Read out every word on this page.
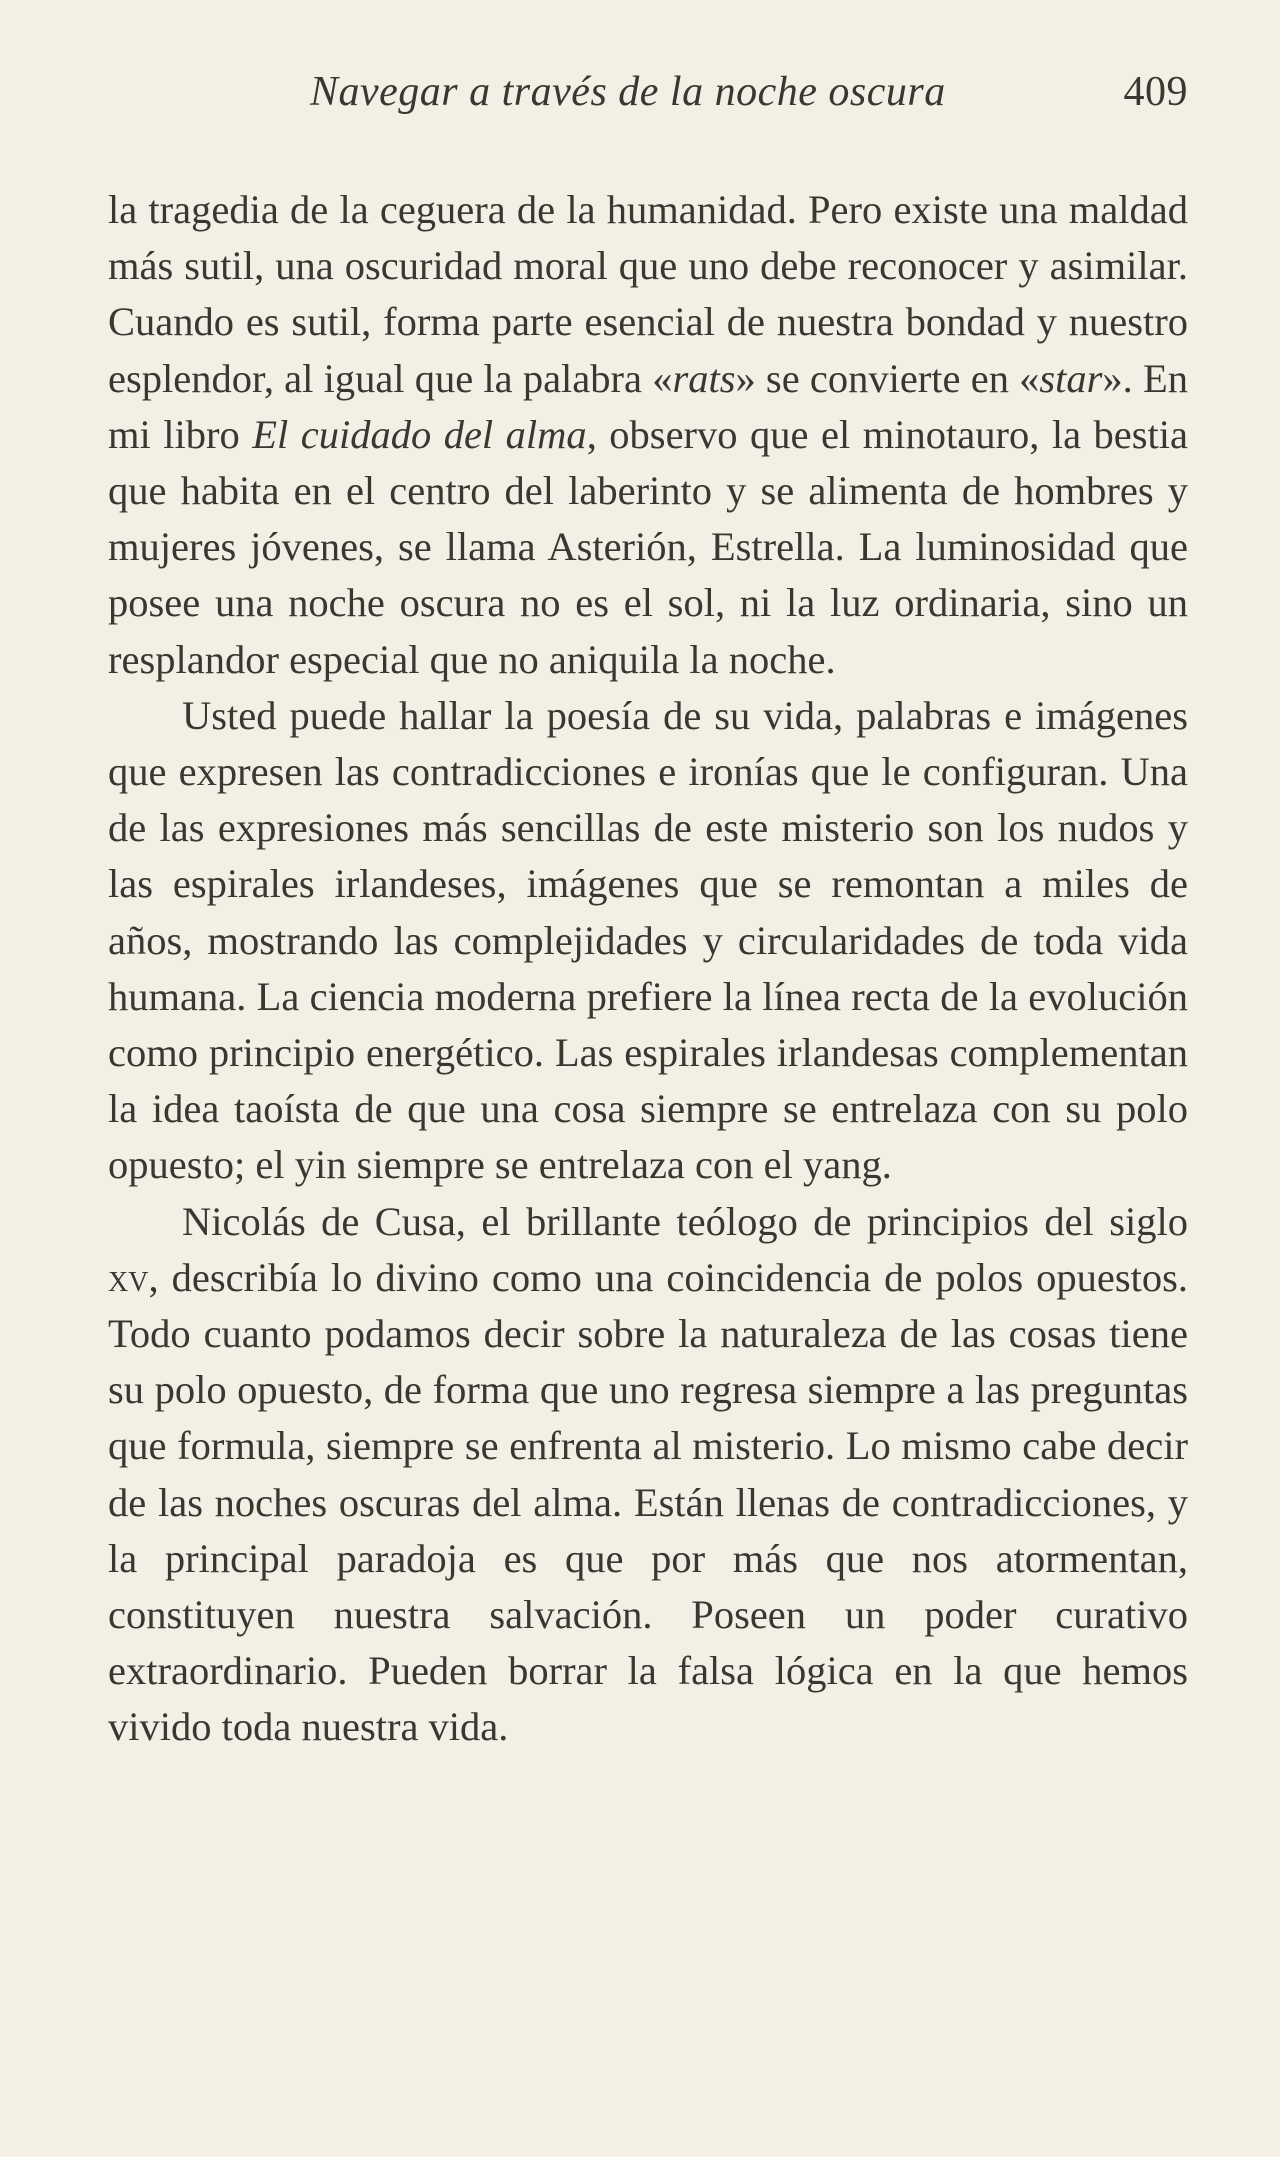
Navegar a través de la noche oscura	409

la tragedia de la ceguera de la humanidad. Pero existe una maldad más sutil, una oscuridad moral que uno debe reconocer y asimilar. Cuando es sutil, forma parte esencial de nuestra bondad y nuestro esplendor, al igual que la palabra «rats» se convierte en «star». En mi libro El cuidado del alma, observo que el minotauro, la bestia que habita en el centro del laberinto y se alimenta de hombres y mujeres jóvenes, se llama Asterión, Estrella. La luminosidad que posee una noche oscura no es el sol, ni la luz ordinaria, sino un resplandor especial que no aniquila la noche.

Usted puede hallar la poesía de su vida, palabras e imágenes que expresen las contradicciones e ironías que le configuran. Una de las expresiones más sencillas de este misterio son los nudos y las espirales irlandeses, imágenes que se remontan a miles de años, mostrando las complejidades y circularidades de toda vida humana. La ciencia moderna prefiere la línea recta de la evolución como principio energético. Las espirales irlandesas complementan la idea taoísta de que una cosa siempre se entrelaza con su polo opuesto; el yin siempre se entrelaza con el yang.

Nicolás de Cusa, el brillante teólogo de principios del siglo xv, describía lo divino como una coincidencia de polos opuestos. Todo cuanto podamos decir sobre la naturaleza de las cosas tiene su polo opuesto, de forma que uno regresa siempre a las preguntas que formula, siempre se enfrenta al misterio. Lo mismo cabe decir de las noches oscuras del alma. Están llenas de contradicciones, y la principal paradoja es que por más que nos atormentan, constituyen nuestra salvación. Poseen un poder curativo extraordinario. Pueden borrar la falsa lógica en la que hemos vivido toda nuestra vida.
